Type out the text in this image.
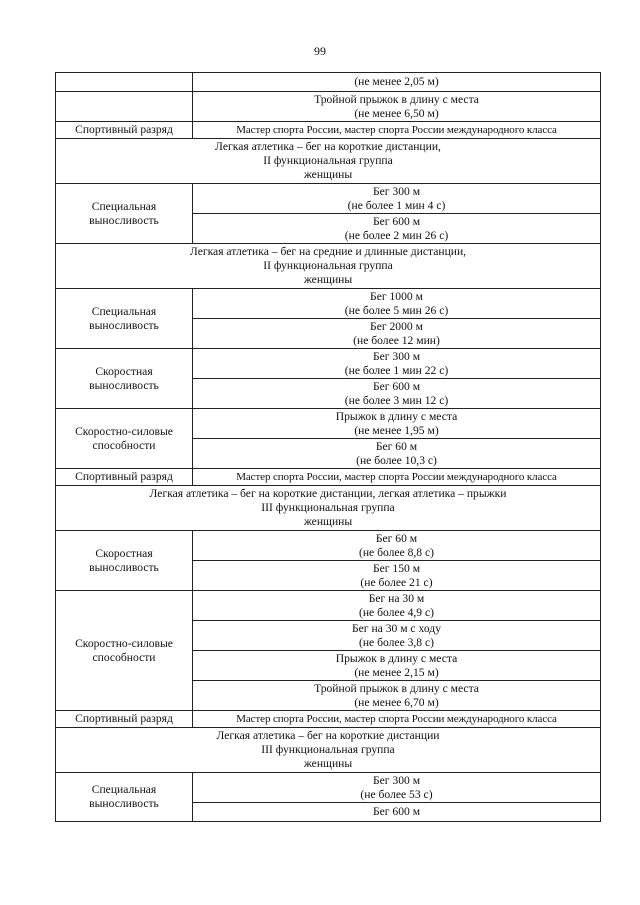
99

	(не менее 2,05 м)

	Тройной прыжок в длину с места
(не менее 6,50 м)

Спортивный разряд	Мастер спорта России, мастер спорта России международного класса

Легкая атлетика – бег на короткие дистанции,
II функциональная группа
женщины	

Специальная
выносливость	Бег 300 м
(не более 1 мин 4 с)

	Бег 600 м
(не более 2 мин 26 с)

Легкая атлетика – бег на средние и длинные дистанции,
II функциональная группа
женщины	

Специальная
выносливость	Бег 1000 м
(не более 5 мин 26 с)

	Бег 2000 м
(не более 12 мин)

Скоростная
выносливость	Бег 300 м
(не более 1 мин 22 с)

	Бег 600 м
(не более 3 мин 12 с)

Скоростно-силовые
способности	Прыжок в длину с места
(не менее 1,95 м)

	Бег 60 м
(не более 10,3 с)

Спортивный разряд	Мастер спорта России, мастер спорта России международного класса

Легкая атлетика – бег на короткие дистанции, легкая атлетика – прыжки
III функциональная группа
женщины	

Скоростная
выносливость	Бег 60 м
(не более 8,8 с)

	Бег 150 м
(не более 21 с)

Скоростно-силовые
способности	Бег на 30 м
(не более 4,9 с)

	Бег на 30 м с ходу
(не более 3,8 с)

	Прыжок в длину с места
(не менее 2,15 м)

	Тройной прыжок в длину с места
(не менее 6,70 м)

Спортивный разряд	Мастер спорта России, мастер спорта России международного класса

Легкая атлетика – бег на короткие дистанции
III функциональная группа
женщины	

Специальная
выносливость	Бег 300 м
(не более 53 с)

	Бег 600 м
